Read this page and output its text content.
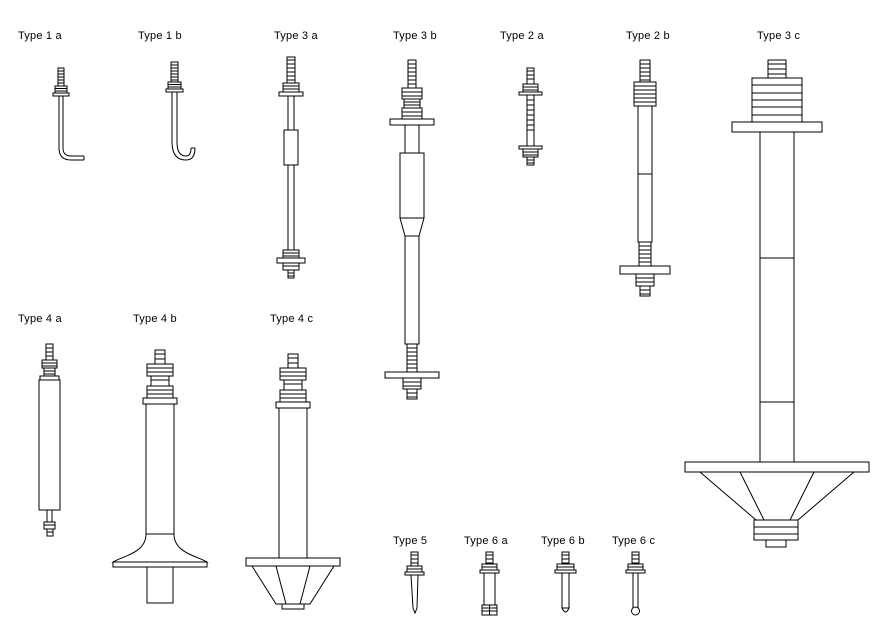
Type 1 a	Type 1 b	Type 3 a	Type 3 b	Type 2 a	Type 2 b	Type 3 c
Type 4 a	Type 4 b	Type 4 c
Type 5	Type 6 a	Type 6 b Type 6 c
